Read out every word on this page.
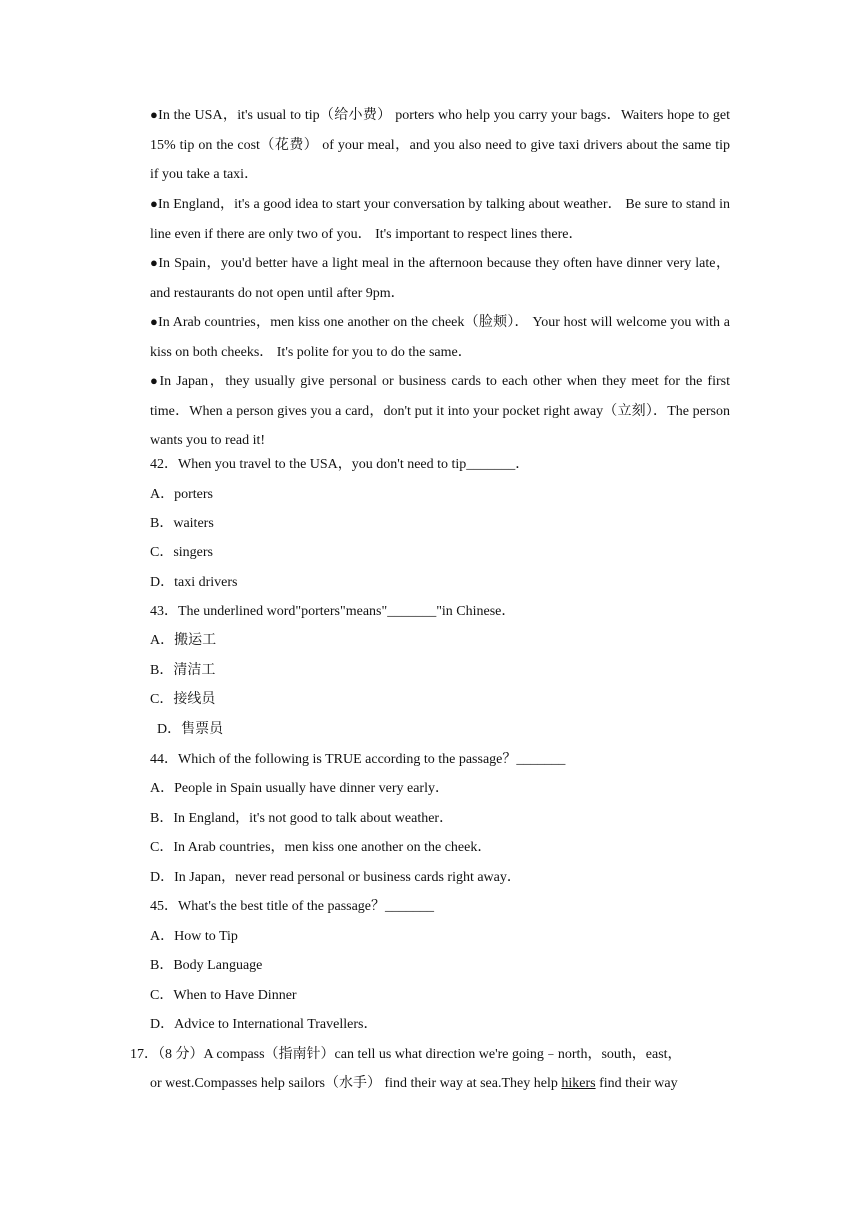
●In the USA，it's usual to tip（给小费） porters who help you carry your bags．Waiters hope to get 15% tip on the cost（花费） of your meal，and you also need to give taxi drivers about the same tip if you take a taxi．

●In England，it's a good idea to start your conversation by talking about weather． Be sure to stand in line even if there are only two of you． It's important to respect lines there．

●In Spain，you'd better have a light meal in the afternoon because they often have dinner very late，and restaurants do not open until after 9pm．

●In Arab countries，men kiss one another on the cheek（脸颊）． Your host will welcome you with a kiss on both cheeks． It's polite for you to do the same．

●In Japan，they usually give personal or business cards to each other when they meet for the first time．When a person gives you a card，don't put it into your pocket right away（立刻）．The person wants you to read it!

42．When you travel to the USA，you don't need to tip_______．
A．porters
B．waiters
C．singers
D．taxi drivers
43．The underlined word"porters"means"_______"in Chinese．
A．搬运工
B．清洁工
C．接线员
D．售票员
44．Which of the following is TRUE according to the passage？_______
A．People in Spain usually have dinner very early．
B．In England，it's not good to talk about weather．
C．In Arab countries，men kiss one another on the cheek．
D．In Japan，never read personal or business cards right away．
45．What's the best title of the passage？_______
A．How to Tip
B．Body Language
C．When to Have Dinner
D．Advice to International Travellers．
17．（8 分）A compass（指南针）can tell us what direction we're going﹣north，south，east，
or west.Compasses help sailors（水手） find their way at sea.They help hikers find their way
